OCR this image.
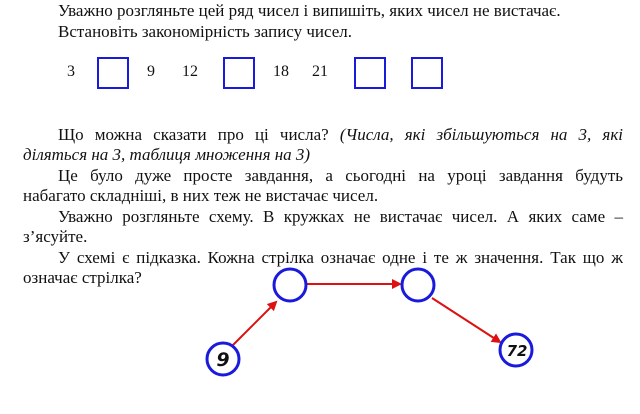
Уважно розгляньте цей ряд чисел і випишіть, яких чисел не вистачає.
Встановіть закономірність запису чисел.
3	9 12	18 21
Що можна сказати про ці числа? (Числа, які збільшуються на 3, які
діляться на 3, таблиця множення на 3)
Це було дуже просте завдання, а сьогодні на уроці завдання будуть
набагато складніші, в них теж не вистачає чисел.
Уважно розгляньте схему. В кружках не вистачає чисел. А яких саме –
з’ясуйте.
У схемі є підказка. Кожна стрілка означає одне і те ж значення. Так що ж
означає стрілка?
9	72
